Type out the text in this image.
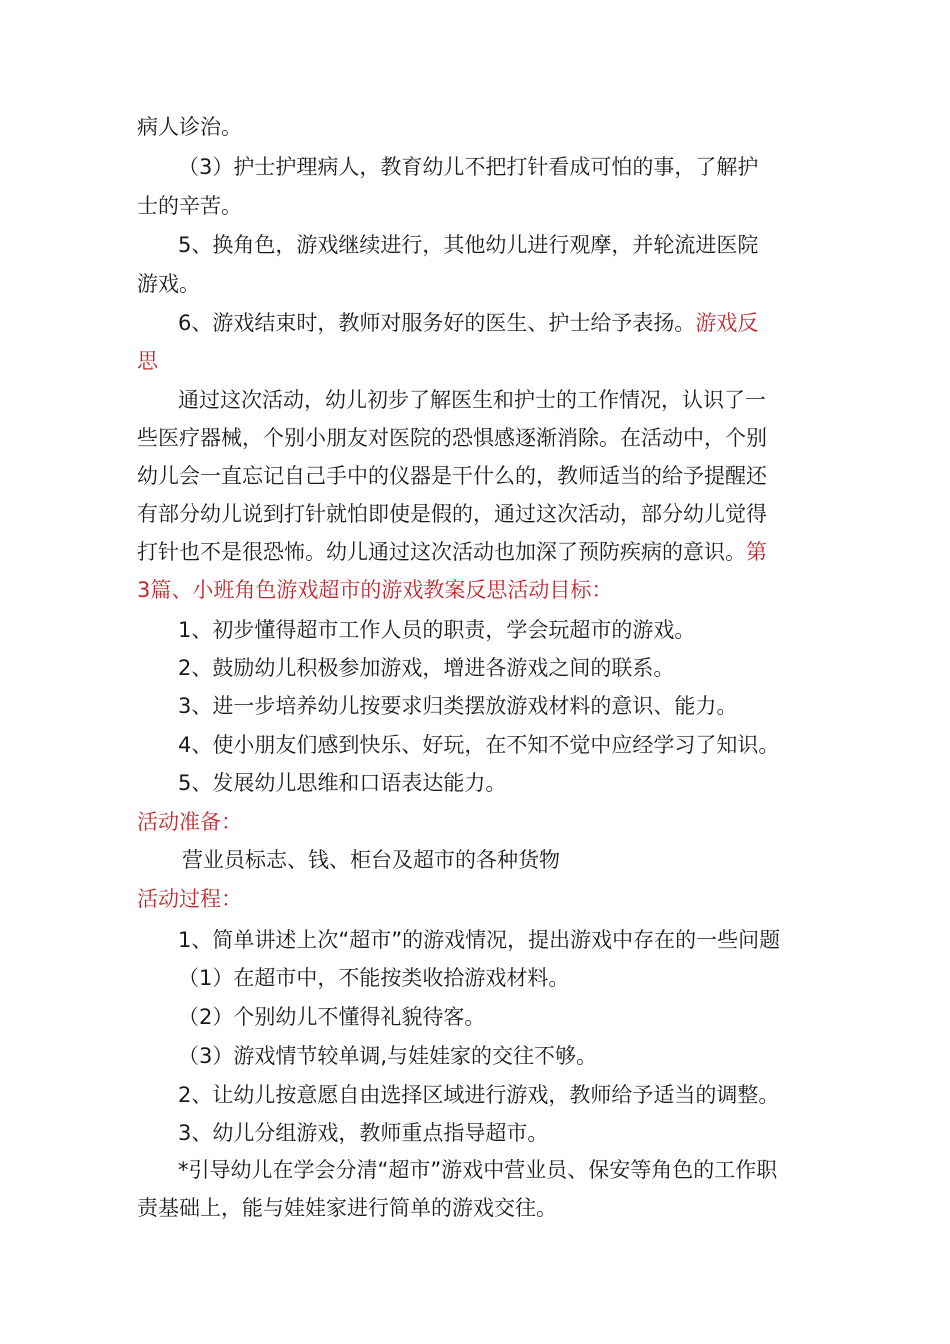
病人诊治。
（3）护士护理病人，教育幼儿不把打针看成可怕的事，了解护
士的辛苦。
5、换角色，游戏继续进行，其他幼儿进行观摩，并轮流进医院
游戏。
6、游戏结束时，教师对服务好的医生、护士给予表扬。游戏反
思
通过这次活动，幼儿初步了解医生和护士的工作情况，认识了一
些医疗器械，个别小朋友对医院的恐惧感逐渐消除。在活动中，个别
幼儿会一直忘记自己手中的仪器是干什么的，教师适当的给予提醒还
有部分幼儿说到打针就怕即使是假的，通过这次活动，部分幼儿觉得
打针也不是很恐怖。幼儿通过这次活动也加深了预防疾病的意识。第
3篇、小班角色游戏超市的游戏教案反思活动目标：
1、初步懂得超市工作人员的职责，学会玩超市的游戏。
2、鼓励幼儿积极参加游戏，增进各游戏之间的联系。
3、进一步培养幼儿按要求归类摆放游戏材料的意识、能力。
4、使小朋友们感到快乐、好玩，在不知不觉中应经学习了知识。
5、发展幼儿思维和口语表达能力。
活动准备：
营业员标志、钱、柜台及超市的各种货物
活动过程：
1、简单讲述上次“超市”的游戏情况，提出游戏中存在的一些问题
（1）在超市中，不能按类收拾游戏材料。
（2）个别幼儿不懂得礼貌待客。
（3）游戏情节较单调,与娃娃家的交往不够。
2、让幼儿按意愿自由选择区域进行游戏，教师给予适当的调整。
3、幼儿分组游戏，教师重点指导超市。
*引导幼儿在学会分清“超市”游戏中营业员、保安等角色的工作职
责基础上，能与娃娃家进行简单的游戏交往。
